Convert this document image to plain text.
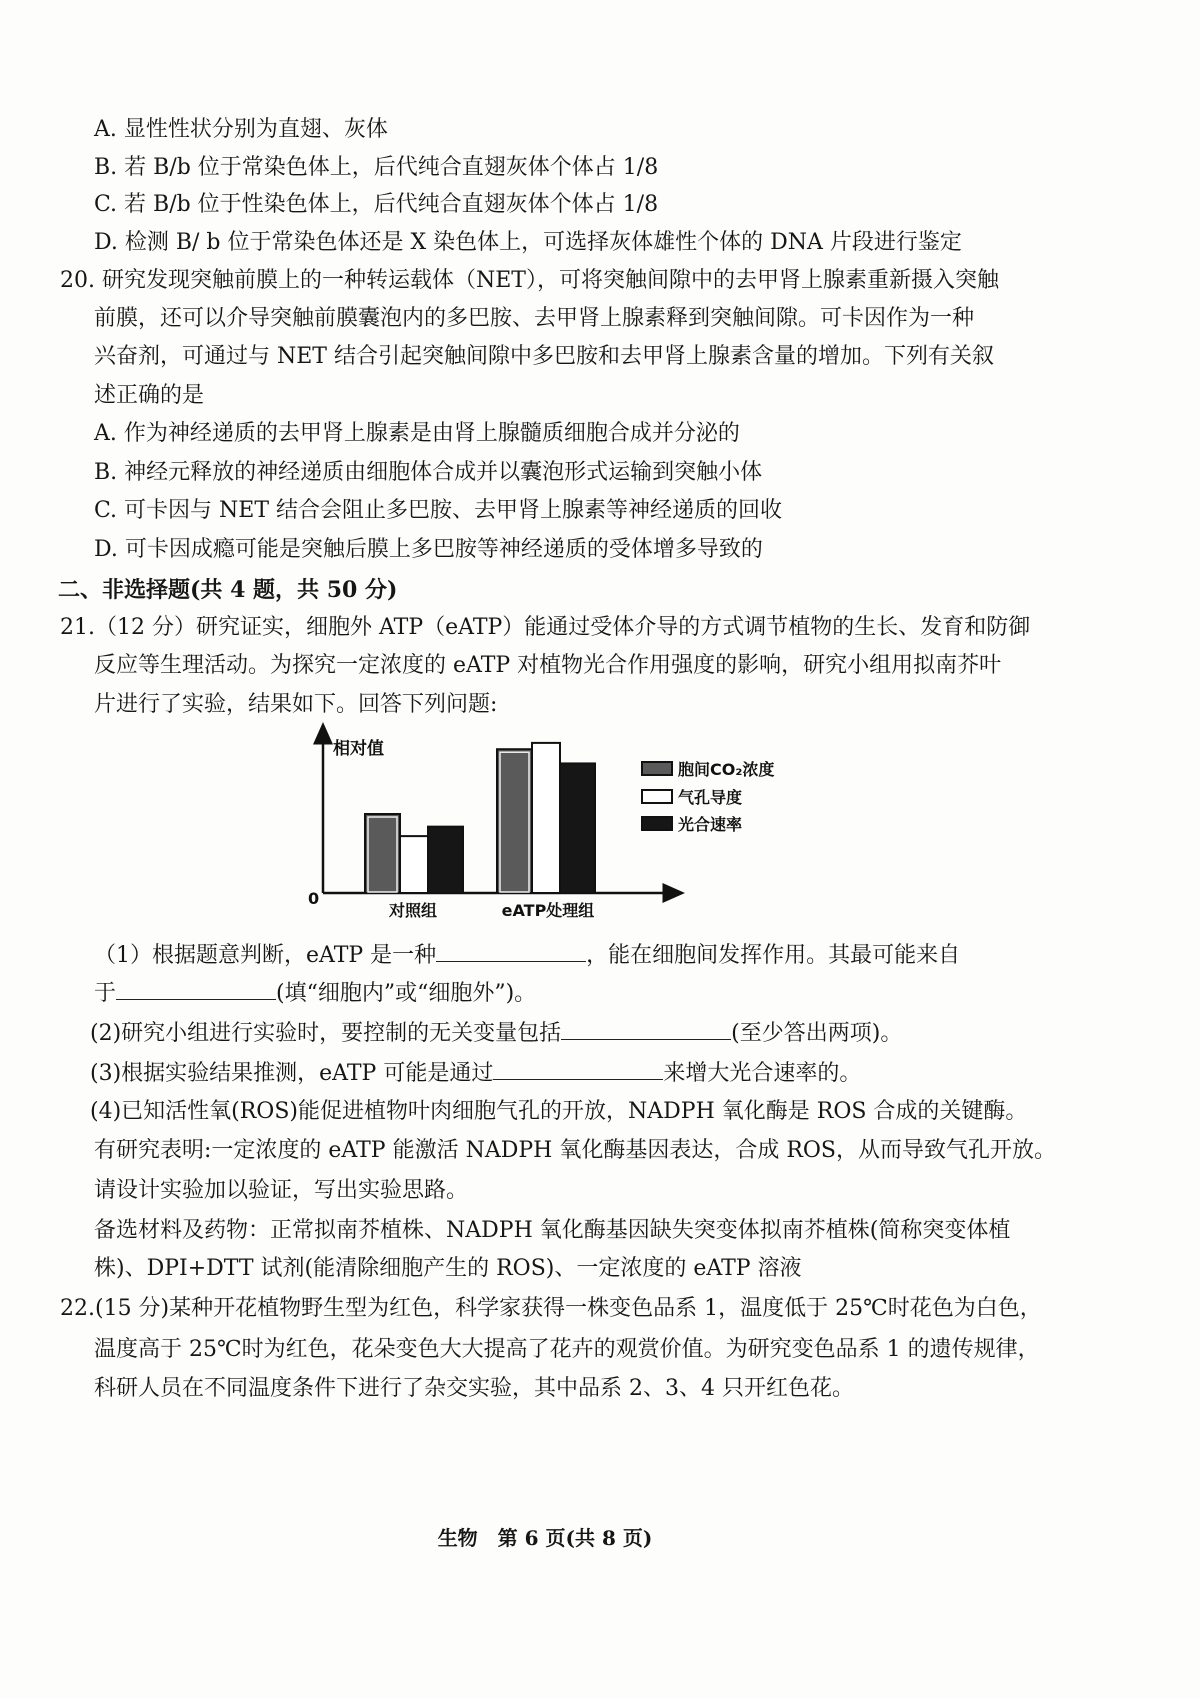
A. 显性性状分别为直翅、灰体
B. 若 B/b 位于常染色体上，后代纯合直翅灰体个体占 1/8
C. 若 B/b 位于性染色体上，后代纯合直翅灰体个体占 1/8
D. 检测 B/ b 位于常染色体还是 X 染色体上，可选择灰体雄性个体的 DNA 片段进行鉴定
20. 研究发现突触前膜上的一种转运载体（NET），可将突触间隙中的去甲肾上腺素重新摄入突触
前膜，还可以介导突触前膜囊泡内的多巴胺、去甲肾上腺素释到突触间隙。可卡因作为一种
兴奋剂，可通过与 NET 结合引起突触间隙中多巴胺和去甲肾上腺素含量的增加。下列有关叙
述正确的是
A. 作为神经递质的去甲肾上腺素是由肾上腺髓质细胞合成并分泌的
B. 神经元释放的神经递质由细胞体合成并以囊泡形式运输到突触小体
C. 可卡因与 NET 结合会阻止多巴胺、去甲肾上腺素等神经递质的回收
D. 可卡因成瘾可能是突触后膜上多巴胺等神经递质的受体增多导致的
二、非选择题(共 4 题，共 50 分)
21.（12 分）研究证实，细胞外 ATP（eATP）能通过受体介导的方式调节植物的生长、发育和防御
反应等生理活动。为探究一定浓度的 eATP 对植物光合作用强度的影响，研究小组用拟南芥叶
片进行了实验，结果如下。回答下列问题:
相对值
0
对照组	eATP处理组
胞间CO₂浓度
气孔导度
光合速率
（1）根据题意判断，eATP 是一种	，能在细胞间发挥作用。其最可能来自
于	(填“细胞内”或“细胞外”)。
(2)研究小组进行实验时，要控制的无关变量包括	(至少答出两项)。
(3)根据实验结果推测，eATP 可能是通过	来增大光合速率的。
(4)已知活性氧(ROS)能促进植物叶肉细胞气孔的开放，NADPH 氧化酶是 ROS 合成的关键酶。
有研究表明:一定浓度的 eATP 能激活 NADPH 氧化酶基因表达，合成 ROS，从而导致气孔开放。
请设计实验加以验证，写出实验思路。
备选材料及药物：正常拟南芥植株、NADPH 氧化酶基因缺失突变体拟南芥植株(简称突变体植
株)、DPI+DTT 试剂(能清除细胞产生的 ROS)、一定浓度的 eATP 溶液
22.(15 分)某种开花植物野生型为红色，科学家获得一株变色品系 1，温度低于 25℃时花色为白色，
温度高于 25℃时为红色，花朵变色大大提高了花卉的观赏价值。为研究变色品系 1 的遗传规律，
科研人员在不同温度条件下进行了杂交实验，其中品系 2、3、4 只开红色花。
生物　第 6 页(共 8 页)
